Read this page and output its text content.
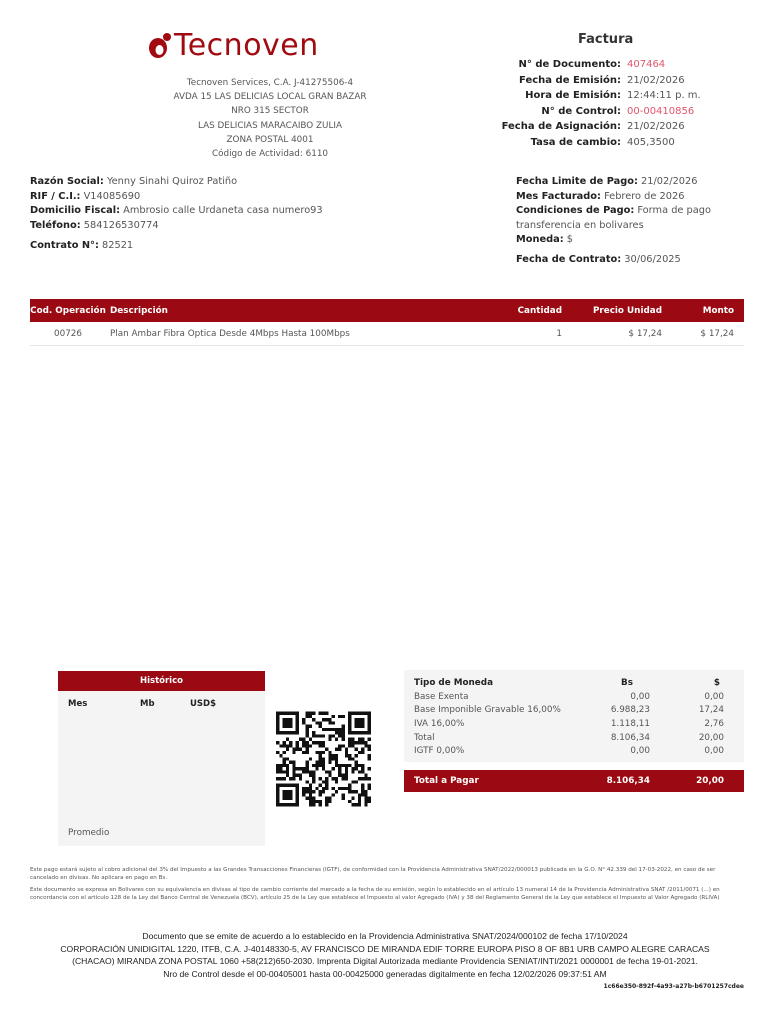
Tecnoven
Tecnoven Services, C.A. J-41275506-4
AVDA 15 LAS DELICIAS LOCAL GRAN BAZAR
NRO 315 SECTOR
LAS DELICIAS MARACAIBO ZULIA
ZONA POSTAL 4001
Código de Actividad: 6110
Factura
N° de Documento: 407464
Fecha de Emisión: 21/02/2026
Hora de Emisión: 12:44:11 p. m.
N° de Control: 00-00410856
Fecha de Asignación: 21/02/2026
Tasa de cambio: 405,3500
Razón Social: Yenny Sinahi Quiroz Patiño
RIF / C.I.: V14085690
Domicilio Fiscal: Ambrosio calle Urdaneta casa numero93
Teléfono: 584126530774
Contrato N°: 82521
Fecha Limite de Pago: 21/02/2026
Mes Facturado: Febrero de 2026
Condiciones de Pago: Forma de pago transferencia en bolivares
Moneda: $
Fecha de Contrato: 30/06/2025
Cod. Operación Descripción	Cantidad	Precio Unidad	Monto
00726	Plan Ambar Fibra Optica Desde 4Mbps Hasta 100Mbps	1	$ 17,24	$ 17,24
Histórico
Mes	Mb	USD$
Promedio
Tipo de Moneda	Bs	$
Base Exenta	0,00	0,00
Base Imponible Gravable 16,00%	6.988,23	17,24
IVA 16,00%	1.118,11	2,76
Total	8.106,34	20,00
IGTF 0,00%	0,00	0,00
Total a Pagar	8.106,34	20,00

Este pago estará sujeto al cobro adicional del 3% del Impuesto a las Grandes Transacciones Financieras (IGTF), de conformidad con la Providencia Administrativa SNAT/2022/000013 publicada en la G.O. N° 42.339 del 17-03-2022, en caso de ser cancelado en divisas. No aplicara en pago en Bs.

Este documento se expresa en Bolivares con su equivalencia en divisas al tipo de cambio corriente del mercado a la fecha de su emisión, según lo establecido en el artículo 13 numeral 14 de la Providencia Administrativa SNAT /2011/0071 (...) en concordancia con el artículo 128 de la Ley del Banco Central de Venezuela (BCV), artículo 25 de la Ley que establece el Impuesto al valor Agregado (IVA) y 38 del Reglamento General de la Ley que establece el Impuesto al Valor Agregado (RLIVA)

Documento que se emite de acuerdo a lo establecido en la Providencia Administrativa SNAT/2024/000102 de fecha 17/10/2024
CORPORACIÓN UNIDIGITAL 1220, ITFB, C.A. J-40148330-5, AV FRANCISCO DE MIRANDA EDIF TORRE EUROPA PISO 8 OF 8B1 URB CAMPO ALEGRE CARACAS
(CHACAO) MIRANDA ZONA POSTAL 1060 +58(212)650-2030. Imprenta Digital Autorizada mediante Providencia SENIAT/INTI/2021 0000001 de fecha 19-01-2021.
Nro de Control desde el 00-00405001 hasta 00-00425000 generadas digitalmente en fecha 12/02/2026 09:37:51 AM
1c66e350-892f-4a93-a27b-b6701257cdee
